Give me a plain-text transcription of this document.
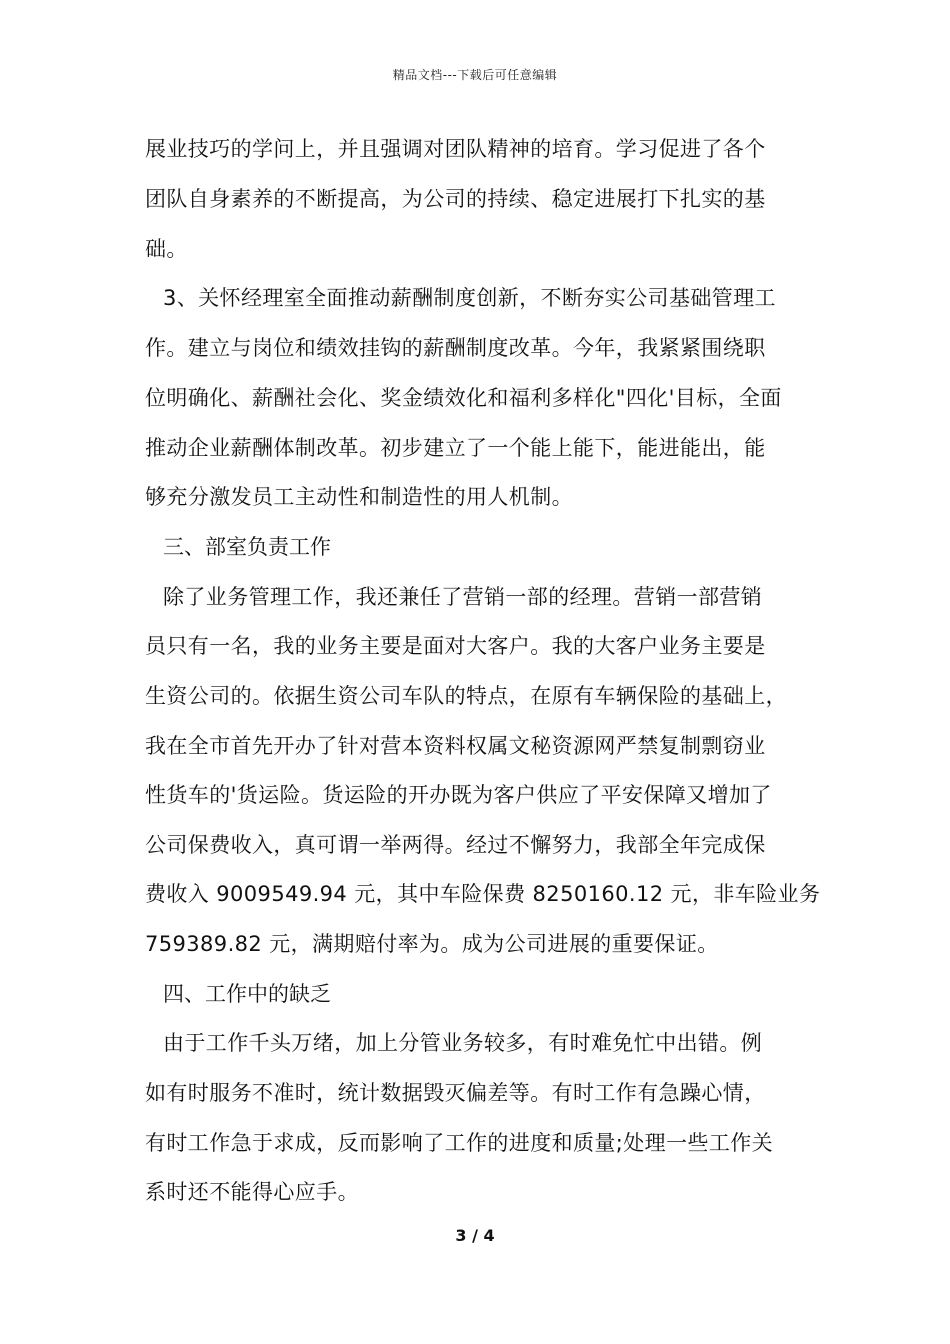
精品文档---下载后可任意编辑
展业技巧的学问上，并且强调对团队精神的培育。学习促进了各个
团队自身素养的不断提高，为公司的持续、稳定进展打下扎实的基
础。
3、关怀经理室全面推动薪酬制度创新，不断夯实公司基础管理工
作。建立与岗位和绩效挂钩的薪酬制度改革。今年，我紧紧围绕职
位明确化、薪酬社会化、奖金绩效化和福利多样化"四化'目标，全面
推动企业薪酬体制改革。初步建立了一个能上能下，能进能出，能
够充分激发员工主动性和制造性的用人机制。
三、部室负责工作
除了业务管理工作，我还兼任了营销一部的经理。营销一部营销
员只有一名，我的业务主要是面对大客户。我的大客户业务主要是
生资公司的。依据生资公司车队的特点，在原有车辆保险的基础上，
我在全市首先开办了针对营本资料权属文秘资源网严禁复制剽窃业
性货车的'货运险。货运险的开办既为客户供应了平安保障又增加了
公司保费收入，真可谓一举两得。经过不懈努力，我部全年完成保
费收入 9009549.94 元，其中车险保费 8250160.12 元，非车险业务
759389.82 元，满期赔付率为。成为公司进展的重要保证。
四、工作中的缺乏
由于工作千头万绪，加上分管业务较多，有时难免忙中出错。例
如有时服务不准时，统计数据毁灭偏差等。有时工作有急躁心情，
有时工作急于求成，反而影响了工作的进度和质量;处理一些工作关
系时还不能得心应手。
3 / 4
